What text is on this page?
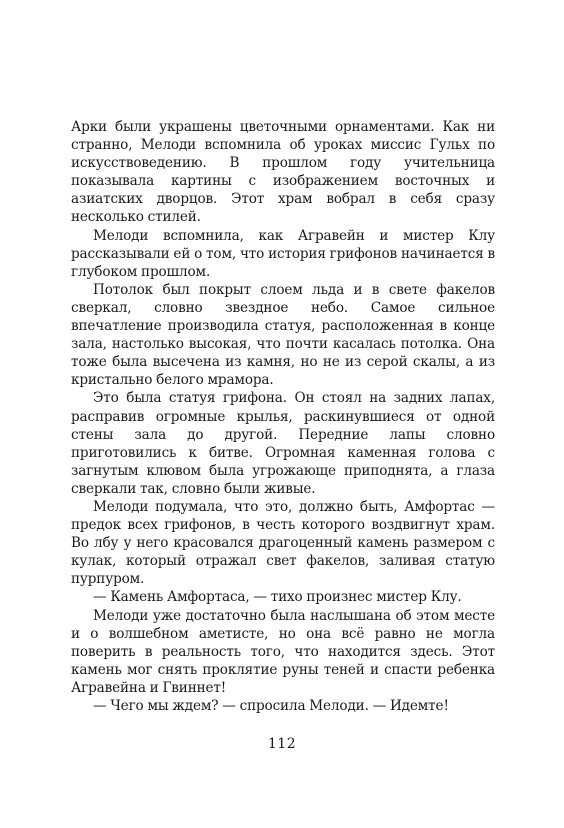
Арки были украшены цветочными орнаментами. Как ни странно, Мелоди вспомнила об уроках миссис Гульх по искусствоведению. В прошлом году учительница показывала картины с изображением восточных и азиатских дворцов. Этот храм вобрал в себя сразу несколько стилей.

Мелоди вспомнила, как Агравейн и мистер Клу рассказывали ей о том, что история грифонов начинается в глубоком прошлом.

Потолок был покрыт слоем льда и в свете факелов сверкал, словно звездное небо. Самое сильное впечатление производила статуя, расположенная в конце зала, настолько высокая, что почти касалась потолка. Она тоже была высечена из камня, но не из серой скалы, а из кристально белого мрамора.

Это была статуя грифона. Он стоял на задних лапах, расправив огромные крылья, раскинувшиеся от одной стены зала до другой. Передние лапы словно приготовились к битве. Огромная каменная голова с загнутым клювом была угрожающе приподнята, а глаза сверкали так, словно были живые.

Мелоди подумала, что это, должно быть, Амфортас — предок всех грифонов, в честь которого воздвигнут храм. Во лбу у него красовался драгоценный камень размером с кулак, который отражал свет факелов, заливая статую пурпуром.

— Камень Амфортаса, — тихо произнес мистер Клу.

Мелоди уже достаточно была наслышана об этом месте и о волшебном аметисте, но она всё равно не могла поверить в реальность того, что находится здесь. Этот камень мог снять проклятие руны теней и спасти ребенка Агравейна и Гвиннет!

— Чего мы ждем? — спросила Мелоди. — Идемте!

112
